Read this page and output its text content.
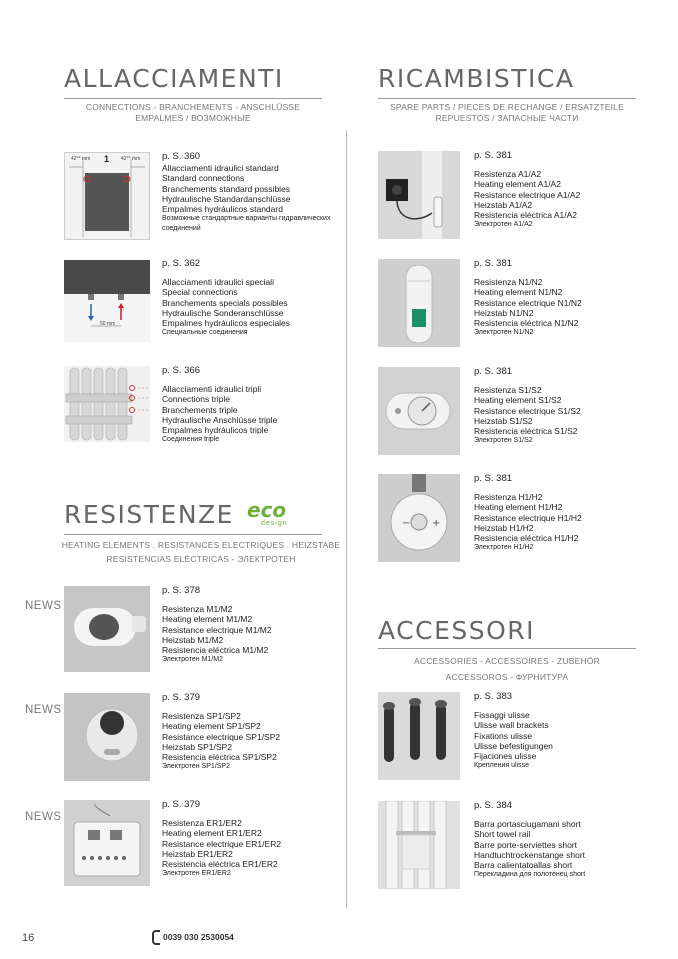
ALLACCIAMENTI
CONNECTIONS - BRANCHEMENTS - ANSCHLÜSSE
EMPALMES / ВОЗМОЖНЫЕ
42°° mm 1 42°° mm p. S. 360
Allacciamenti idraulici standard
Standard connections
Branchements standard possibles
Hydraulische Standardanschlüsse
Empalmes hydráulicos standard
Возможные стандартные варианты гидравлических
соединений
50 mm
p. S. 362
Allacciamenti idraulici speciali
Special connections
Branchements specials possibles
Hydraulische Sonderanschlüsse
Empalmes hydráulicos especiales
Специальные соединения
p. S. 366
Allacciamenti idraulici tripli
Connections triple
Branchements triple
Hydraulische Anschlüsse triple
Empalmes hydráulicos triple
Соединения triple
RESISTENZE eco
design
HEATING ELEMENTS . RESISTANCES ELECTRIQUES . HEIZSTABE
RESISTENCIAS ELÉCTRICAS - ЭЛЕКТРОТЕН
NEWS
p. S. 378
Resistenza M1/M2
Heating element M1/M2
Resistance electrique M1/M2
Heizstab M1/M2
Resistencia eléctrica M1/M2
Электротен M1/M2
NEWS
p. S. 379
Resistenza SP1/SP2
Heating element SP1/SP2
Resistance electrique SP1/SP2
Heizstab SP1/SP2
Resistencia eléctrica SP1/SP2
Электротен SP1/SP2
NEWS
p. S. 379
Resistenza ER1/ER2
Heating element ER1/ER2
Resistance electrique ER1/ER2
Heizstab ER1/ER2
Resistencia eléctrica ER1/ER2
Электротен ER1/ER2
RICAMBISTICA
SPARE PARTS / PIECES DE RECHANGE / ERSATZTEILE
REPUESTOS / ЗАПАСНЫЕ ЧАСТИ
p. S. 381
Resistenza A1/A2
Heating element A1/A2
Resistance electrique A1/A2
Heizstab A1/A2
Resistencia eléctrica A1/A2
Электротен A1/A2
p. S. 381
Resistenza N1/N2
Heating element N1/N2
Resistance electrique N1/N2
Heizstab N1/N2
Resistencia eléctrica N1/N2
Электротен N1/N2
p. S. 381
Resistenza S1/S2
Heating element S1/S2
Resistance electrique S1/S2
Heizstab S1/S2
Resistencia eléctrica S1/S2
Электротен S1/S2
− +
p. S. 381
Resistenza H1/H2
Heating element H1/H2
Resistance electrique H1/H2
Heizstab H1/H2
Resistencia eléctrica H1/H2
Электротен H1/H2
ACCESSORI
ACCESSORIES - ACCESSOIRES - ZUBEHÖR
ACCESSOROS - ФУРНИТУРА
p. S. 383
Fissaggi ulisse
Ulisse wall brackets
Fixations ulisse
Ulisse befestigungen
Fijaciones ulisse
Крепления ulisse
p. S. 384
Barra portasciugamani short
Short towel rail
Barre porte-serviettes short
Handtuchtrockenstange short
Barra calientatoallas short
Перекладина для полотенец short
16	0039 030 2530054
